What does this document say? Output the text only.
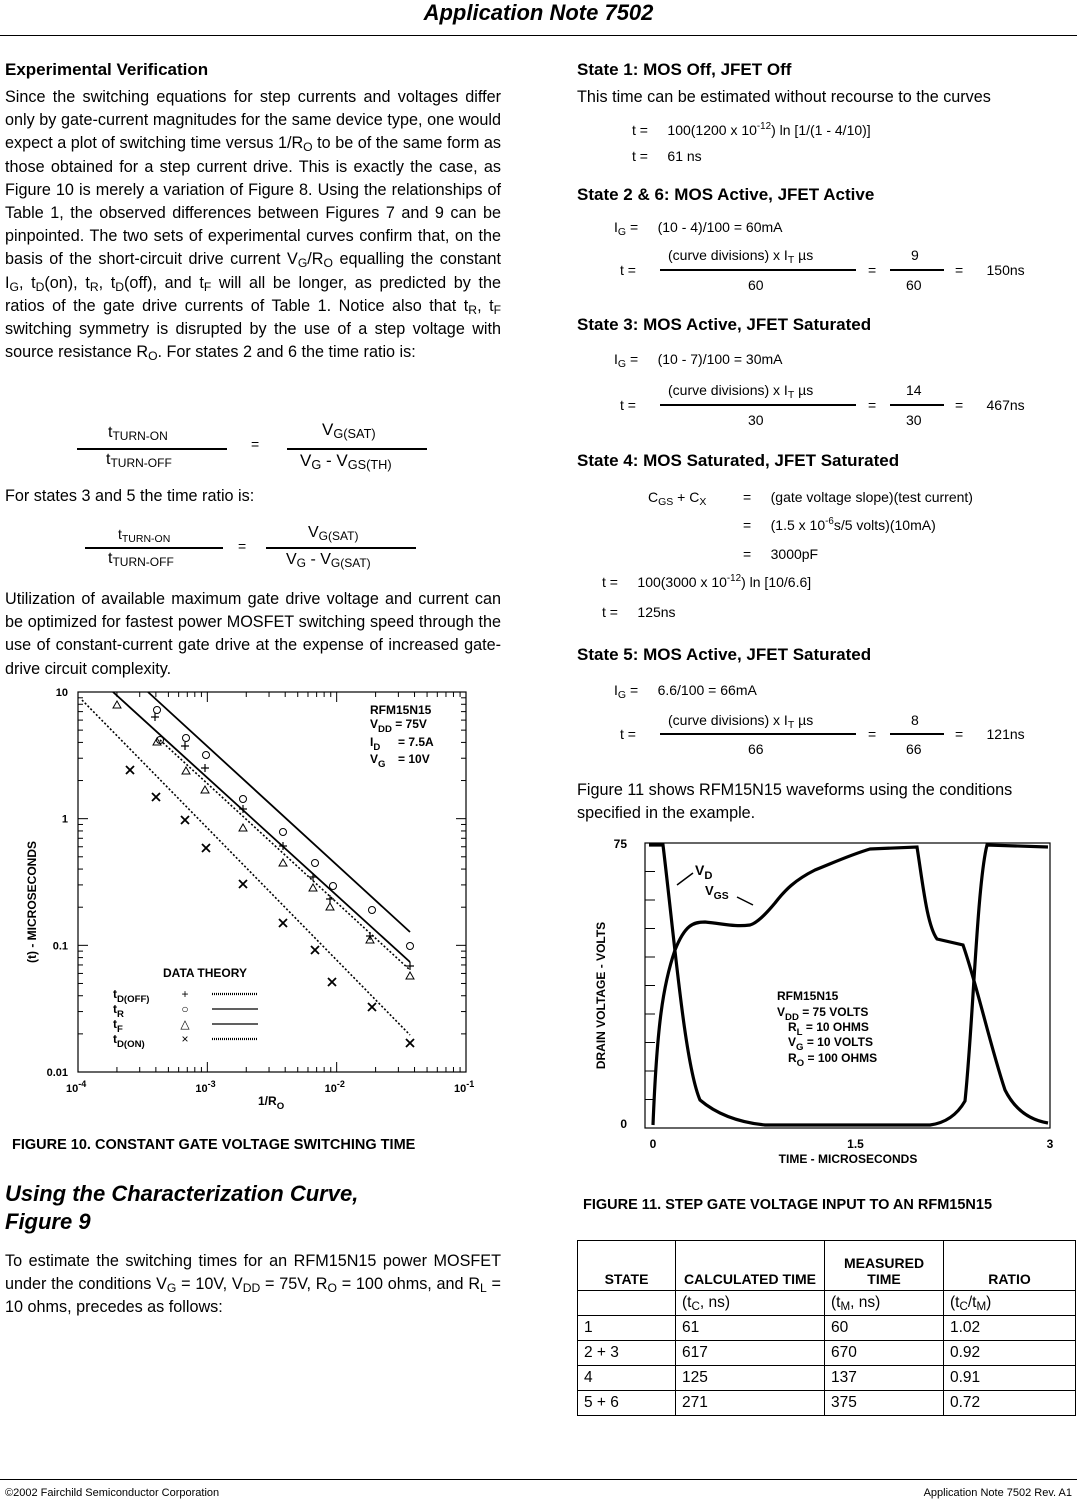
Application Note 7502
Experimental Verification
Since the switching equations for step currents and voltages differ only by gate-current magnitudes for the same device type, one would expect a plot of switching time versus $1/R_O$ to be of the same form as those obtained for a step current drive. This is exactly the case, as Figure 10 is merely a variation of Figure 8. Using the relationships of Table 1, the observed differences between Figures 7 and 9 can be pinpointed. The two sets of experimental curves confirm that, on the basis of the short-circuit drive current $V_G/R_O$ equalling the constant $I_G$, $t_D(on)$, $t_R$, $t_D(off)$, and $t_F$ will all be longer, as predicted by the ratios of the gate drive currents of Table 1. Notice also that $t_R$, $t_F$ switching symmetry is disrupted by the use of a step voltage with source resistance $R_O$. For states 2 and 6 the time ratio is:
$t_{TURN-ON}$
$t_{TURN-OFF}$
=
$V_{G(SAT)}$
$V_G - V_{GS(TH)}$
For states 3 and 5 the time ratio is:
$t_{TURN-ON}$
$t_{TURN-OFF}$
=
$V_{G(SAT)}$
$V_G - V_{G(SAT)}$
Utilization of available maximum gate drive voltage and current can be optimized for fastest power MOSFET switching speed through the use of constant-current gate drive at the expense of increased gate-drive circuit complexity.
10
1
0.1
0.01
$10^{-4}$	$10^{-3}$	$10^{-2}$	$10^{-1}$
$1/R_O$
(t) - MICROSECONDS
RFM15N15
$V_{DD} = 75V$
$I_D = 7.5A$
$V_G = 10V$
DATA THEORY
$t_{D(OFF)}$	+
$t_R$	○
$t_F$	△
$t_{D(ON)}$	×
FIGURE 10. CONSTANT GATE VOLTAGE SWITCHING TIME
Using the Characterization Curve,
Figure 9
To estimate the switching times for an RFM15N15 power MOSFET under the conditions $V_G = 10V$, $V_{DD} = 75V$, $R_O = 100$ ohms, and $R_L = 10$ ohms, precedes as follows:
State 1: MOS Off, JFET Off
This time can be estimated without recourse to the curves
t =     100(1200 x $10^{-12}$) ln [1/(1 - 4/10)]
t =     61 ns
State 2 & 6: MOS Active, JFET Active
$I_G$ =     (10 - 4)/100 = 60mA
(curve divisions) x $I_T$ µs
t =
60
=
9
60
=      150ns
State 3: MOS Active, JFET Saturated
$I_G$ =     (10 - 7)/100 = 30mA
(curve divisions) x $I_T$ µs
t =
30
=
14
30
=      467ns
State 4: MOS Saturated, JFET Saturated
$C_{GS} + C_X$	=     (gate voltage slope)(test current)
=     (1.5 x $10^{-6}s/5$ volts)(10mA)
=     3000pF
t =     100(3000 x $10^{-12}$) ln [10/6.6]
t =     125ns
State 5: MOS Active, JFET Saturated
$I_G$ =     6.6/100 = 66mA
(curve divisions) x $I_T$ µs
t =
66
=
8
66
=      121ns
Figure 11 shows RFM15N15 waveforms using the conditions specified in the example.
75
0
0	1.5	3
TIME - MICROSECONDS
DRAIN VOLTAGE - VOLTS
$V_D$
$V_{GS}$
RFM15N15
$V_{DD} = 75$ VOLTS
$R_L = 10$ OHMS
$V_G = 10$ VOLTS
$R_O = 100$ OHMS
FIGURE 11. STEP GATE VOLTAGE INPUT TO AN RFM15N15
STATE	CALCULATED TIME	MEASURED TIME	RATIO
	($t_C$, ns)	($t_M$, ns)	$(t_C/t_M)$
1	61	60	1.02
2 + 3	617	670	0.92
4	125	137	0.91
5 + 6	271	375	0.72
©2002 Fairchild Semiconductor Corporation	Application Note 7502 Rev. A1
